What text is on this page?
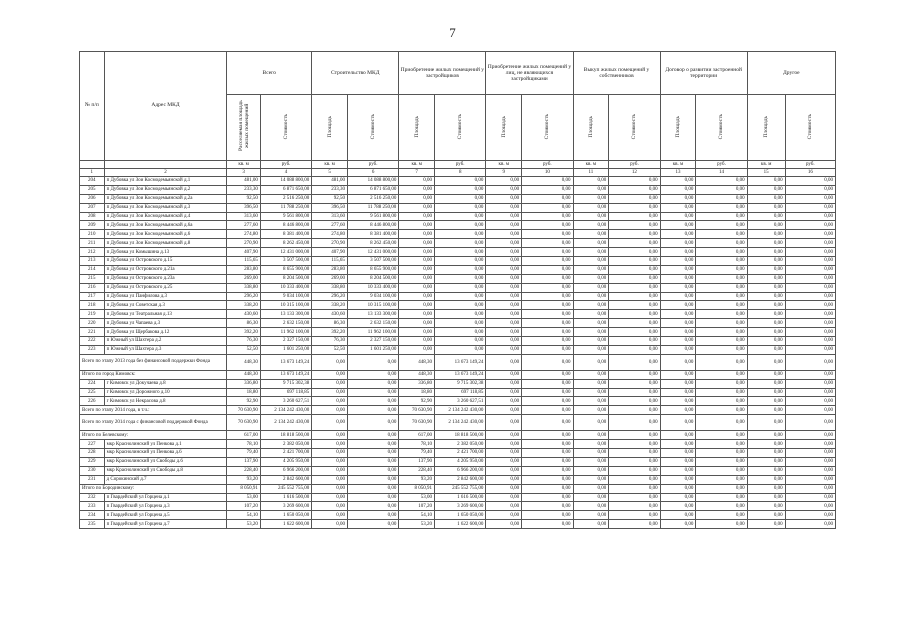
7
№ п/п	Адрес МКД	Всего		Строительство МКД		Приобретение жилых помещений у застройщиков		Приобретение жилых помещений у лиц, не являющихся застройщиками		Выкуп жилых помещений у собственников		Договор о развитии застроенной территории		Другое	
		Расселяемая площадь жилых помещений	Стоимость	Площадь	Стоимость	Площадь	Стоимость	Площадь	Стоимость	Площадь	Стоимость	Площадь	Стоимость	Площадь	Стоимость
		кв. м	руб.	кв. м	руб.	кв. м	руб.	кв. м	руб.	кв. м	руб.	кв. м	руб.	кв. м	руб.
1	2	3	4	5	6	7	8	9	10	11	12	13	14	15	16
204	п Дубовка ул Зои Космодемьянской д.1	481,00	14 088 800,00	481,00	14 088 800,00	0,00	0,00	0,00	0,00	0,00	0,00	0,00	0,00	0,00	0,00
205	п Дубовка ул Зои Космодемьянской д.2	233,30	6 871 650,00	233,30	6 871 650,00	0,00	0,00	0,00	0,00	0,00	0,00	0,00	0,00	0,00	0,00
206	п Дубовка ул Зои Космодемьянской д.2а	92,50	2 516 250,00	92,50	2 516 250,00	0,00	0,00	0,00	0,00	0,00	0,00	0,00	0,00	0,00	0,00
207	п Дубовка ул Зои Космодемьянской д.3	396,50	11 788 250,00	396,50	11 788 250,00	0,00	0,00	0,00	0,00	0,00	0,00	0,00	0,00	0,00	0,00
208	п Дубовка ул Зои Космодемьянской д.4	313,60	9 561 800,00	313,60	9 561 800,00	0,00	0,00	0,00	0,00	0,00	0,00	0,00	0,00	0,00	0,00
209	п Дубовка ул Зои Космодемьянской д.6а	277,60	8 446 800,00	277,60	8 446 800,00	0,00	0,00	0,00	0,00	0,00	0,00	0,00	0,00	0,00	0,00
210	п Дубовка ул Зои Космодемьянской д.6	274,80	8 381 400,00	274,80	8 381 400,00	0,00	0,00	0,00	0,00	0,00	0,00	0,00	0,00	0,00	0,00
211	п Дубовка ул Зои Космодемьянской д.8	270,90	8 262 450,00	270,90	8 262 450,00	0,00	0,00	0,00	0,00	0,00	0,00	0,00	0,00	0,00	0,00
212	п Дубовка ул Комышина д.13	407,90	12 431 000,00	407,90	12 431 000,00	0,00	0,00	0,00	0,00	0,00	0,00	0,00	0,00	0,00	0,00
213	п Дубовка ул Островского д.15	115,65	3 507 500,00	115,65	3 507 500,00	0,00	0,00	0,00	0,00	0,00	0,00	0,00	0,00	0,00	0,00
214	п Дубовка ул Островского д.21а	283,80	8 655 900,00	283,80	8 655 900,00	0,00	0,00	0,00	0,00	0,00	0,00	0,00	0,00	0,00	0,00
215	п Дубовка ул Островского д.23а	269,00	8 204 500,00	269,00	8 204 500,00	0,00	0,00	0,00	0,00	0,00	0,00	0,00	0,00	0,00	0,00
216	п Дубовка ул Островского д.25	338,80	10 333 400,00	338,80	10 333 400,00	0,00	0,00	0,00	0,00	0,00	0,00	0,00	0,00	0,00	0,00
217	п Дубовка ул Панфилова д.3	296,20	9 034 100,00	296,20	9 034 100,00	0,00	0,00	0,00	0,00	0,00	0,00	0,00	0,00	0,00	0,00
218	п Дубовка ул Советская д.3	338,20	10 315 100,00	338,20	10 315 100,00	0,00	0,00	0,00	0,00	0,00	0,00	0,00	0,00	0,00	0,00
219	п Дубовка ул Театральная д.13	430,60	13 133 300,00	430,60	13 133 300,00	0,00	0,00	0,00	0,00	0,00	0,00	0,00	0,00	0,00	0,00
220	п Дубовка ул Чапаева д.3	86,30	2 632 150,00	86,30	2 632 150,00	0,00	0,00	0,00	0,00	0,00	0,00	0,00	0,00	0,00	0,00
221	п Дубовка ул Щербакова д.12	392,20	11 962 100,00	392,20	11 962 100,00	0,00	0,00	0,00	0,00	0,00	0,00	0,00	0,00	0,00	0,00
222	п Южный ул Шахтера д.2	76,30	2 327 150,00	76,30	2 327 150,00	0,00	0,00	0,00	0,00	0,00	0,00	0,00	0,00	0,00	0,00
223	п Южный ул Шахтера д.3	52,50	1 601 250,00	52,50	1 601 250,00	0,00	0,00	0,00	0,00	0,00	0,00	0,00	0,00	0,00	0,00
Всего по этапу 2013 года без финансовой поддержки Фонда		448,30	13 673 149,24	0,00	0,00	448,30	13 673 149,24	0,00	0,00	0,00	0,00	0,00	0,00	0,00	0,00
Итого по город Кимовск:		448,30	13 673 149,24	0,00	0,00	448,30	13 673 149,24	0,00	0,00	0,00	0,00	0,00	0,00	0,00	0,00
224	г Кимовск ул Докучаева д.8	336,80	9 715 302,38	0,00	0,00	336,80	9 715 302,38	0,00	0,00	0,00	0,00	0,00	0,00	0,00	0,00
225	г Кимовск ул Дорожного д.10	18,80	697 118,85	0,00	0,00	18,80	697 118,85	0,00	0,00	0,00	0,00	0,00	0,00	0,00	0,00
226	г Кимовск ул Некрасова д.8	92,90	3 260 627,51	0,00	0,00	92,90	3 260 627,51	0,00	0,00	0,00	0,00	0,00	0,00	0,00	0,00
Всего по этапу 2014 года, в т.ч.:		70 630,90	2 134 242 430,00	0,00	0,00	70 630,90	2 134 242 430,00	0,00	0,00	0,00	0,00	0,00	0,00	0,00	0,00
Всего по этапу 2014 года с финансовой поддержкой Фонда		70 630,90	2 134 242 430,00	0,00	0,00	70 630,90	2 134 242 430,00	0,00	0,00	0,00	0,00	0,00	0,00	0,00	0,00
Итого по Белевскому:		617,00	18 818 500,00	0,00	0,00	617,00	18 818 500,00	0,00	0,00	0,00	0,00	0,00	0,00	0,00	0,00
227	мкр Краснолинский ул Пенкова д.1	78,10	2 382 050,00	0,00	0,00	78,10	2 382 050,00	0,00	0,00	0,00	0,00	0,00	0,00	0,00	0,00
228	мкр Краснолинский ул Пенкова д.6	79,40	2 421 700,00	0,00	0,00	79,40	2 421 700,00	0,00	0,00	0,00	0,00	0,00	0,00	0,00	0,00
229	мкр Краснолинский ул Свободы д.6	137,90	4 205 950,00	0,00	0,00	137,90	4 205 950,00	0,00	0,00	0,00	0,00	0,00	0,00	0,00	0,00
230	мкр Краснолинский ул Свободы д.8	228,40	6 966 200,00	0,00	0,00	228,40	6 966 200,00	0,00	0,00	0,00	0,00	0,00	0,00	0,00	0,00
231	д Сорокинский д.7	93,20	2 842 600,00	0,00	0,00	93,20	2 842 600,00	0,00	0,00	0,00	0,00	0,00	0,00	0,00	0,00
Итого по Бородинскому:		8 050,91	245 552 755,00	0,00	0,00	8 050,91	245 552 755,00	0,00	0,00	0,00	0,00	0,00	0,00	0,00	0,00
232	п Гвардейский ул Горцена д.1	53,00	1 616 500,00	0,00	0,00	53,00	1 616 500,00	0,00	0,00	0,00	0,00	0,00	0,00	0,00	0,00
233	п Гвардейский ул Горцена д.3	107,20	3 269 600,00	0,00	0,00	107,20	3 269 600,00	0,00	0,00	0,00	0,00	0,00	0,00	0,00	0,00
234	п Гвардейский ул Горцена д.5	54,10	1 650 050,00	0,00	0,00	54,10	1 650 050,00	0,00	0,00	0,00	0,00	0,00	0,00	0,00	0,00
235	п Гвардейский ул Горцена д.7	53,20	1 622 600,00	0,00	0,00	53,20	1 622 600,00	0,00	0,00	0,00	0,00	0,00	0,00	0,00	0,00
